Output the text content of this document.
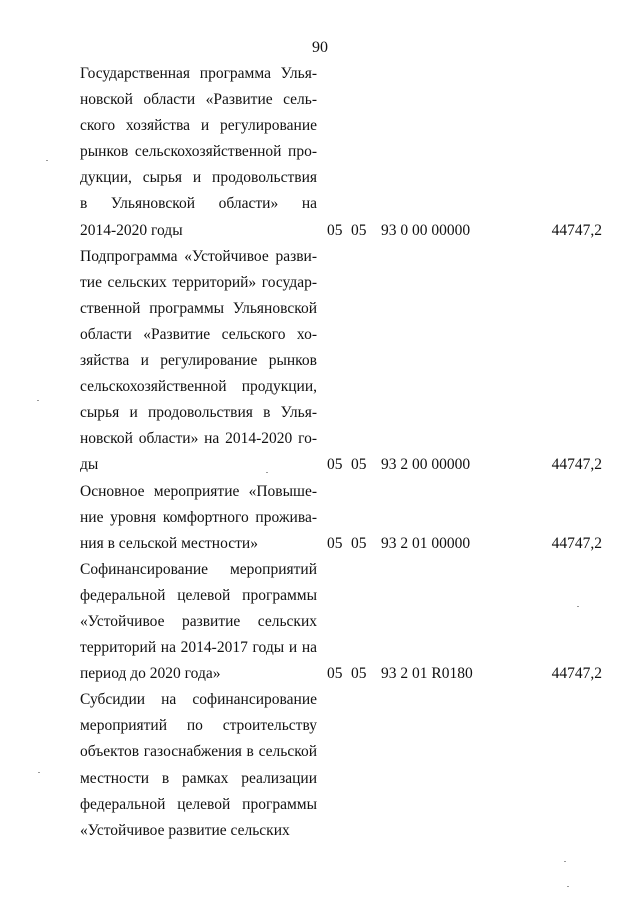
90
Государственная программа Улья-
новской области «Развитие сель-
ского хозяйства и регулирование
рынков сельскохозяйственной про-
дукции, сырья и продовольствия
в Ульяновской области» на
2014-2020 годы	05 05 93 0 00 00000	44747,2
Подпрограмма «Устойчивое разви-
тие сельских территорий» государ-
ственной программы Ульяновской
области «Развитие сельского хо-
зяйства и регулирование рынков
сельскохозяйственной продукции,
сырья и продовольствия в Улья-
новской области» на 2014-2020 го-
ды	05 05 93 2 00 00000	44747,2
Основное мероприятие «Повыше-
ние уровня комфортного прожива-
ния в сельской местности»	05 05 93 2 01 00000	44747,2
Софинансирование мероприятий
федеральной целевой программы
«Устойчивое развитие сельских
территорий на 2014-2017 годы и на
период до 2020 года»	05 05 93 2 01 R0180	44747,2
Субсидии на софинансирование
мероприятий по строительству
объектов газоснабжения в сельской
местности в рамках реализации
федеральной целевой программы
«Устойчивое развитие сельских
